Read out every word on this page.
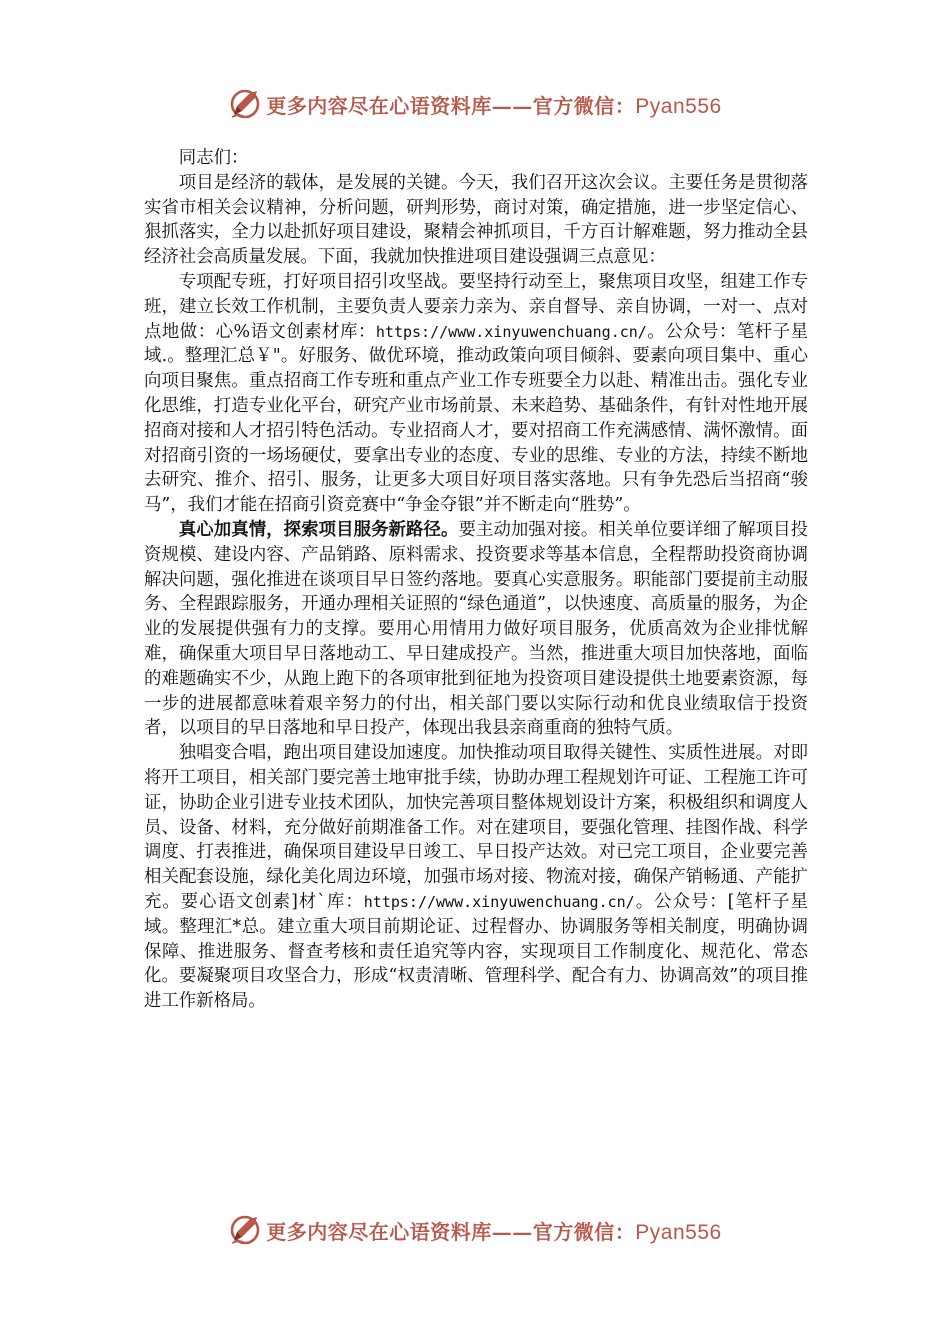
更多内容尽在心语资料库——官方微信：Pyan556

同志们：

项目是经济的载体，是发展的关键。今天，我们召开这次会议。主要任务是贯彻落实省市相关会议精神，分析问题，研判形势，商讨对策，确定措施，进一步坚定信心、狠抓落实，全力以赴抓好项目建设，聚精会神抓项目，千方百计解难题，努力推动全县经济社会高质量发展。下面，我就加快推进项目建设强调三点意见：

专项配专班，打好项目招引攻坚战。要坚持行动至上，聚焦项目攻坚，组建工作专班，建立长效工作机制，主要负责人要亲力亲为、亲自督导、亲自协调，一对一、点对点地做：心%语文创素材库：https://www.xinyuwenchuang.cn/。公众号：笔杆子星域.。整理汇总￥"。好服务、做优环境，推动政策向项目倾斜、要素向项目集中、重心向项目聚焦。重点招商工作专班和重点产业工作专班要全力以赴、精准出击。强化专业化思维，打造专业化平台，研究产业市场前景、未来趋势、基础条件，有针对性地开展招商对接和人才招引特色活动。专业招商人才，要对招商工作充满感情、满怀激情。面对招商引资的一场场硬仗，要拿出专业的态度、专业的思维、专业的方法，持续不断地去研究、推介、招引、服务，让更多大项目好项目落实落地。只有争先恐后当招商“骏马”，我们才能在招商引资竞赛中“争金夺银”并不断走向“胜势”。

真心加真情，探索项目服务新路径。要主动加强对接。相关单位要详细了解项目投资规模、建设内容、产品销路、原料需求、投资要求等基本信息，全程帮助投资商协调解决问题，强化推进在谈项目早日签约落地。要真心实意服务。职能部门要提前主动服务、全程跟踪服务，开通办理相关证照的“绿色通道”，以快速度、高质量的服务，为企业的发展提供强有力的支撑。要用心用情用力做好项目服务，优质高效为企业排忧解难，确保重大项目早日落地动工、早日建成投产。当然，推进重大项目加快落地，面临的难题确实不少，从跑上跑下的各项审批到征地为投资项目建设提供土地要素资源，每一步的进展都意味着艰辛努力的付出，相关部门要以实际行动和优良业绩取信于投资者，以项目的早日落地和早日投产，体现出我县亲商重商的独特气质。

独唱变合唱，跑出项目建设加速度。加快推动项目取得关键性、实质性进展。对即将开工项目，相关部门要完善土地审批手续，协助办理工程规划许可证、工程施工许可证，协助企业引进专业技术团队，加快完善项目整体规划设计方案，积极组织和调度人员、设备、材料，充分做好前期准备工作。对在建项目，要强化管理、挂图作战、科学调度、打表推进，确保项目建设早日竣工、早日投产达效。对已完工项目，企业要完善相关配套设施，绿化美化周边环境，加强市场对接、物流对接，确保产销畅通、产能扩充。要心语文创素]材`库：https://www.xinyuwenchuang.cn/。公众号：[笔杆子星域。整理汇*总。建立重大项目前期论证、过程督办、协调服务等相关制度，明确协调保障、推进服务、督查考核和责任追究等内容，实现项目工作制度化、规范化、常态化。要凝聚项目攻坚合力，形成“权责清晰、管理科学、配合有力、协调高效”的项目推进工作新格局。

更多内容尽在心语资料库——官方微信：Pyan556
